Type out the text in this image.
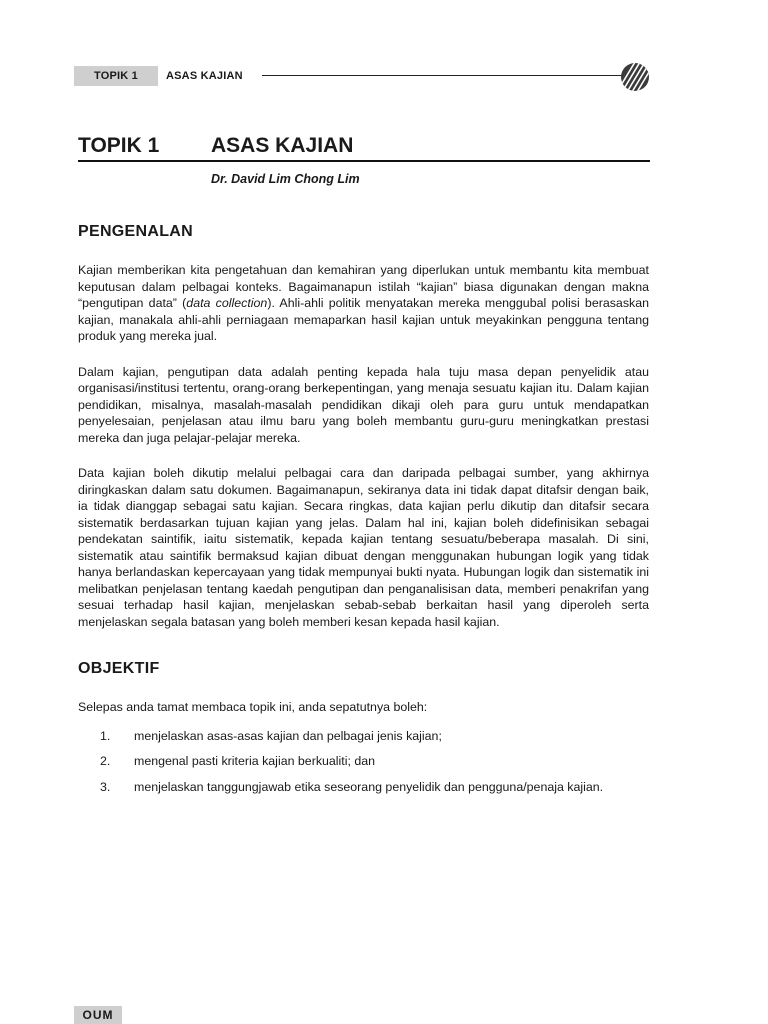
TOPIK 1	ASAS KAJIAN
TOPIK 1 ASAS KAJIAN
Dr. David Lim Chong Lim
PENGENALAN

Kajian memberikan kita pengetahuan dan kemahiran yang diperlukan untuk membantu kita membuat keputusan dalam pelbagai konteks. Bagaimanapun istilah “kajian” biasa digunakan dengan makna “pengutipan data” (data collection). Ahli-ahli politik menyatakan mereka menggubal polisi berasaskan kajian, manakala ahli-ahli perniagaan memaparkan hasil kajian untuk meyakinkan pengguna tentang produk yang mereka jual.

Dalam kajian, pengutipan data adalah penting kepada hala tuju masa depan penyelidik atau organisasi/institusi tertentu, orang-orang berkepentingan, yang menaja sesuatu kajian itu. Dalam kajian pendidikan, misalnya, masalah-masalah pendidikan dikaji oleh para guru untuk mendapatkan penyelesaian, penjelasan atau ilmu baru yang boleh membantu guru-guru meningkatkan prestasi mereka dan juga pelajar-pelajar mereka.

Data kajian boleh dikutip melalui pelbagai cara dan daripada pelbagai sumber, yang akhirnya diringkaskan dalam satu dokumen. Bagaimanapun, sekiranya data ini tidak dapat ditafsir dengan baik, ia tidak dianggap sebagai satu kajian. Secara ringkas, data kajian perlu dikutip dan ditafsir secara sistematik berdasarkan tujuan kajian yang jelas. Dalam hal ini, kajian boleh didefinisikan sebagai pendekatan saintifik, iaitu sistematik, kepada kajian tentang sesuatu/beberapa masalah. Di sini, sistematik atau saintifik bermaksud kajian dibuat dengan menggunakan hubungan logik yang tidak hanya berlandaskan kepercayaan yang tidak mempunyai bukti nyata. Hubungan logik dan sistematik ini melibatkan penjelasan tentang kaedah pengutipan dan penganalisisan data, memberi penakrifan yang sesuai terhadap hasil kajian, menjelaskan sebab-sebab berkaitan hasil yang diperoleh serta menjelaskan segala batasan yang boleh memberi kesan kepada hasil kajian.

OBJEKTIF

Selepas anda tamat membaca topik ini, anda sepatutnya boleh:

1. menjelaskan asas-asas kajian dan pelbagai jenis kajian;
2. mengenal pasti kriteria kajian berkualiti; dan
3. menjelaskan tanggungjawab etika seseorang penyelidik dan pengguna/penaja kajian.
OUM
